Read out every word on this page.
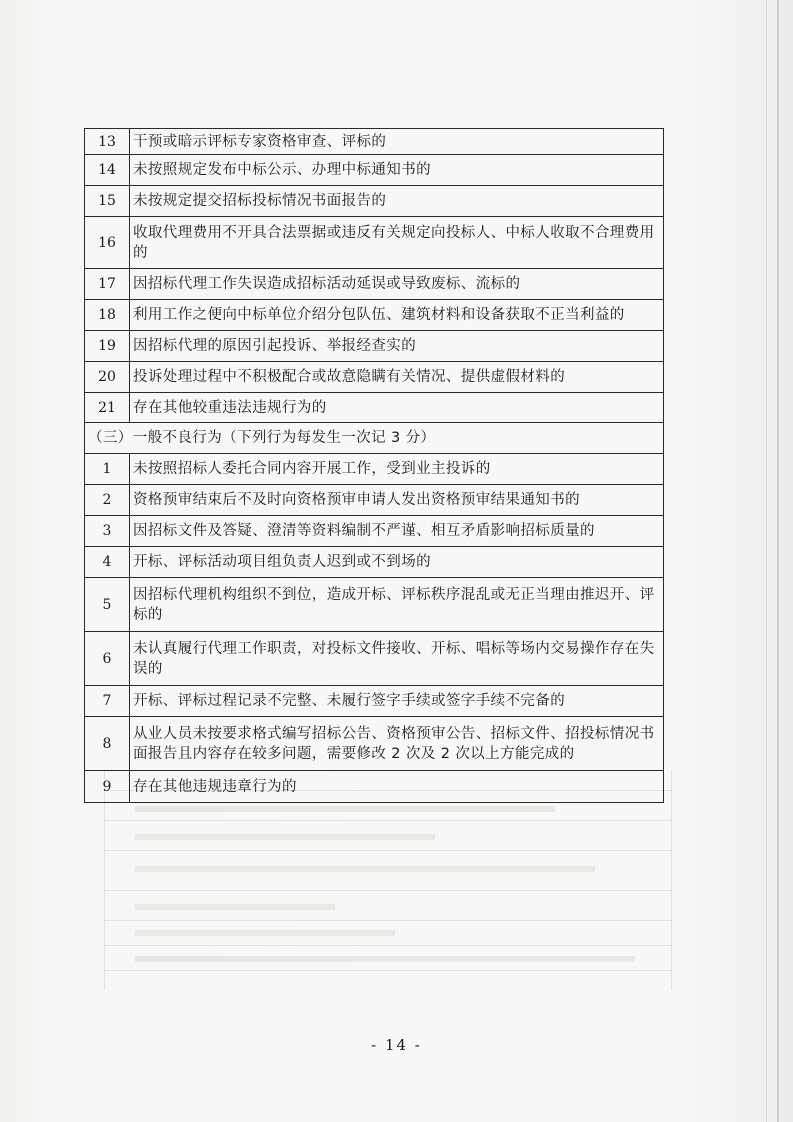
13	干预或暗示评标专家资格审查、评标的
14	未按照规定发布中标公示、办理中标通知书的
15	未按规定提交招标投标情况书面报告的
16	收取代理费用不开具合法票据或违反有关规定向投标人、中标人收取不合理费用的
17	因招标代理工作失误造成招标活动延误或导致废标、流标的
18	利用工作之便向中标单位介绍分包队伍、建筑材料和设备获取不正当利益的
19	因招标代理的原因引起投诉、举报经查实的
20	投诉处理过程中不积极配合或故意隐瞒有关情况、提供虚假材料的
21	存在其他较重违法违规行为的
（三）一般不良行为（下列行为每发生一次记 3 分）	
1	未按照招标人委托合同内容开展工作，受到业主投诉的
2	资格预审结束后不及时向资格预审申请人发出资格预审结果通知书的
3	因招标文件及答疑、澄清等资料编制不严谨、相互矛盾影响招标质量的
4	开标、评标活动项目组负责人迟到或不到场的
5	因招标代理机构组织不到位，造成开标、评标秩序混乱或无正当理由推迟开、评标的
6	未认真履行代理工作职责，对投标文件接收、开标、唱标等场内交易操作存在失误的
7	开标、评标过程记录不完整、未履行签字手续或签字手续不完备的
8	从业人员未按要求格式编写招标公告、资格预审公告、招标文件、招投标情况书面报告且内容存在较多问题，需要修改 2 次及 2 次以上方能完成的
9	存在其他违规违章行为的
- 14 -
